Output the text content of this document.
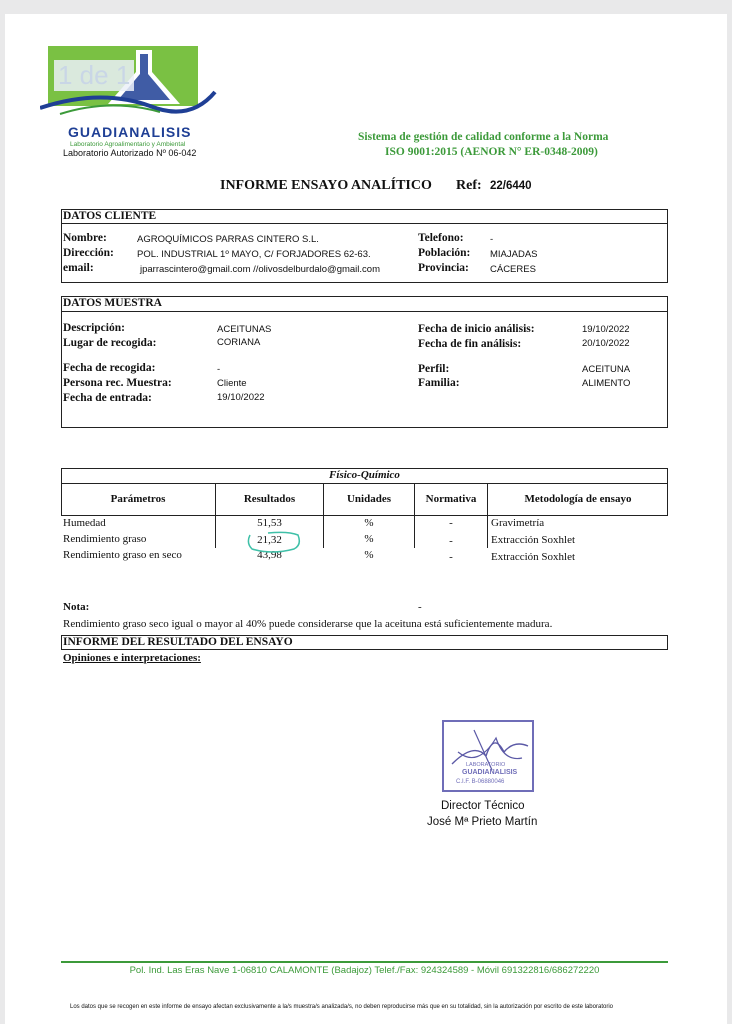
1 de 1
GUADIANALISIS
Laboratorio Agroalimentario y Ambiental
Laboratorio Autorizado Nº 06-042
Sistema de gestión de calidad conforme a la Norma
ISO 9001:2015 (AENOR N° ER-0348-2009)
INFORME ENSAYO ANALÍTICO Ref: 22/6440
DATOS CLIENTE
Nombre:	AGROQUÍMICOS PARRAS CINTERO S.L.
Dirección: POL. INDUSTRIAL 1º MAYO, C/ FORJADORES 62-63.
email:	jparrascintero@gmail.com //olivosdelburdalo@gmail.com
Telefono:	-
Población: MIAJADAS
Provincia: CÁCERES
DATOS MUESTRA
Descripción:	ACEITUNAS
Lugar de recogida:	CORIANA
Fecha de recogida:	-
Persona rec. Muestra:	Cliente
Fecha de entrada:	19/10/2022
Fecha de inicio análisis:	19/10/2022
Fecha de fin análisis:	20/10/2022
Perfil:	ACEITUNA
Familia:	ALIMENTO
Físico-Químico
Parámetros	Resultados	Unidades	Normativa	Metodología de ensayo
Humedad	51,53	%	-	Gravimetría
Rendimiento graso	21,32	%	-	Extracción Soxhlet
Rendimiento graso en seco	43,98	%	-	Extracción Soxhlet
Nota:	-
Rendimiento graso seco igual o mayor al 40% puede considerarse que la aceituna está suficientemente madura.
INFORME DEL RESULTADO DEL ENSAYO
Opiniones e interpretaciones:
LABORATORIO
GUADIANALISIS
C.I.F. B-06880046
Director Técnico
José Mª Prieto Martín
Pol. Ind. Las Eras Nave 1-06810 CALAMONTE (Badajoz) Telef./Fax: 924324589 - Móvil 691322816/686272220
Los datos que se recogen en este informe de ensayo afectan exclusivamente a la/s muestra/s analizada/s, no deben reproducirse más que en su totalidad, sin la autorización por escrito de este laboratorio
